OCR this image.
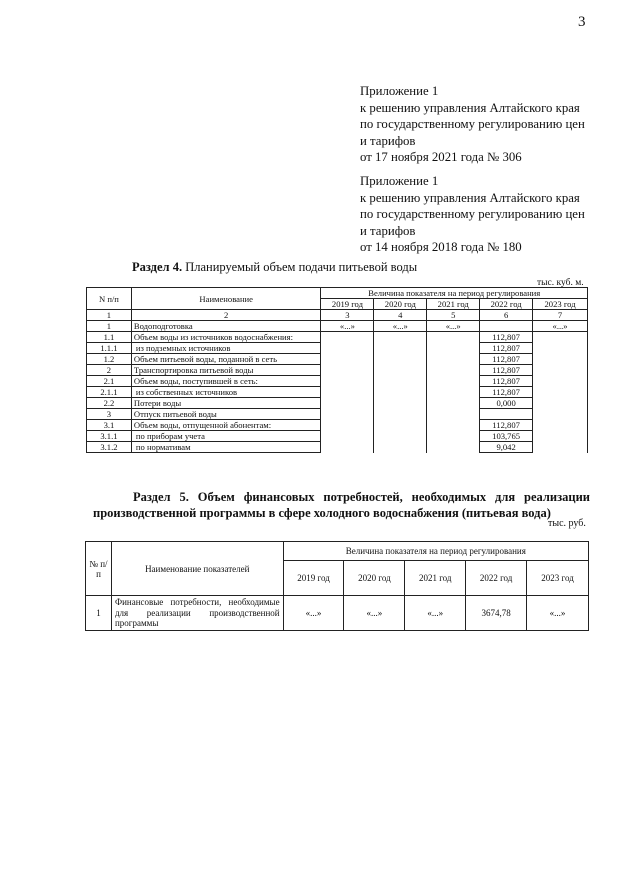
3

Приложение 1

к решению управления Алтайского края

по государственному регулированию цен

и тарифов

от 17 ноября 2021 года № 306

Приложение 1

к решению управления Алтайского края

по государственному регулированию цен

и тарифов

от 14 ноября 2018 года № 180

Раздел 4. Планируемый объем подачи питьевой воды
тыс. куб. м.
N п/п	Наименование	Величина показателя на период регулирования				
		2019 год	2020 год	2021 год	2022 год	2023 год
1	2	3	4	5	6	7
1	Водоподготовка	«...»	«...»	«...»		«...»
1.1	Объем воды из источников водоснабжения:				112,807	
1.1.1	из подземных источников				112,807	
1.2	Объем питьевой воды, поданной в сеть				112,807	
2	Транспортировка питьевой воды				112,807	
2.1	Объем воды, поступившей в сеть:				112,807	
2.1.1	из собственных источников				112,807	
2.2	Потери воды				0,000	
3	Отпуск питьевой воды					
3.1	Объем воды, отпущенной абонентам:				112,807	
3.1.1	по приборам учета				103,765	
3.1.2	по нормативам				9,042	
Раздел 5. Объем финансовых потребностей, необходимых для реализации производственной программы в сфере холодного водоснабжения (питьевая вода)
тыс. руб.
№ п/п	Наименование показателей	Величина показателя на период регулирования				
		2019 год	2020 год	2021 год	2022 год	2023 год
1	Финансовые потребности, необходимые для реализации производственной программы	«...»	«...»	«...»	3674,78	«...»
